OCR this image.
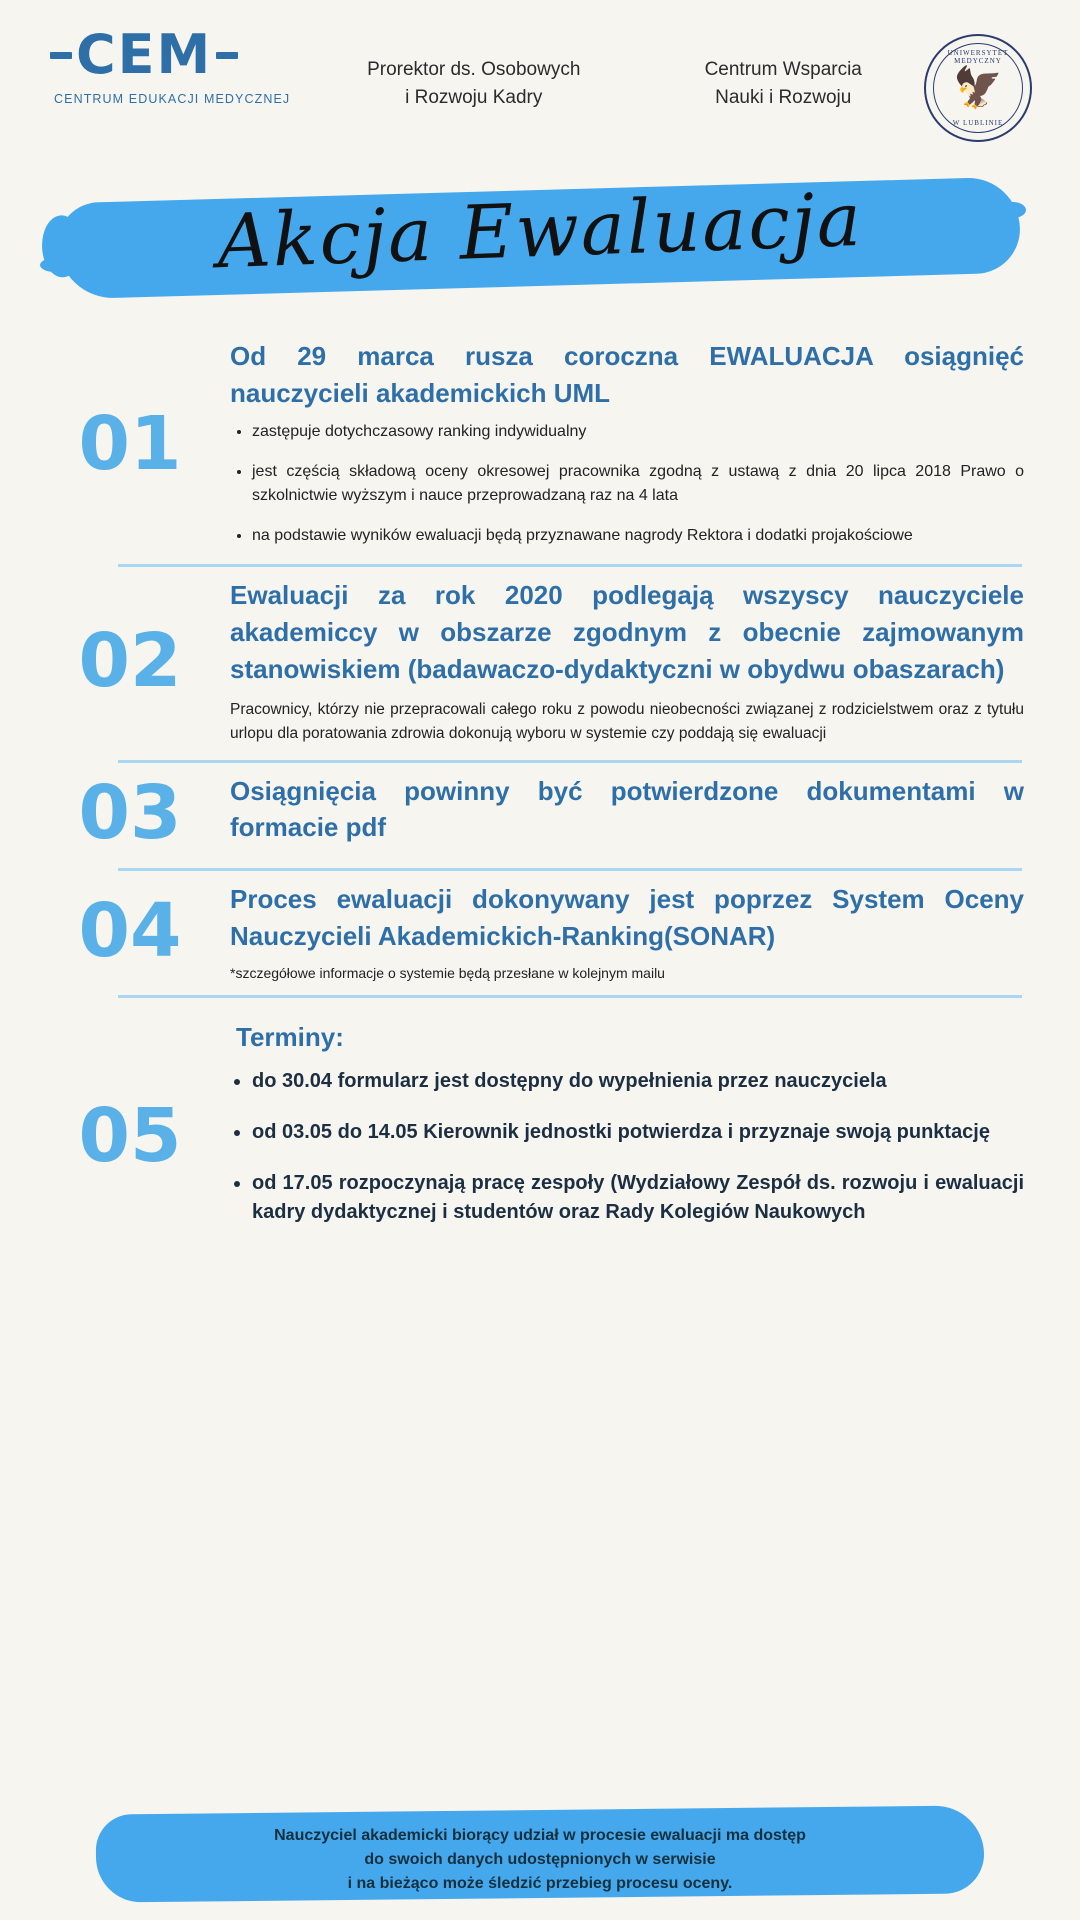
CEM
CENTRUM EDUKACJI MEDYCZNEJ
Prorektor ds. Osobowych
i Rozwoju Kadry
Centrum Wsparcia
Nauki i Rozwoju
UNIWERSYTET MEDYCZNY
🦅
W LUBLINIE
Akcja Ewaluacja
01
Od 29 marca rusza coroczna EWALUACJA osiągnięć nauczycieli akademickich UML
• zastępuje dotychczasowy ranking indywidualny
• jest częścią składową oceny okresowej pracownika zgodną z ustawą z dnia 20 lipca 2018 Prawo o szkolnictwie wyższym i nauce przeprowadzaną raz na 4 lata
• na podstawie wyników ewaluacji będą przyznawane nagrody Rektora i dodatki projakościowe
02
Ewaluacji za rok 2020 podlegają wszyscy nauczyciele akademiccy w obszarze zgodnym z obecnie zajmowanym stanowiskiem (badawaczo-dydaktyczni w obydwu obaszarach)

Pracownicy, którzy nie przepracowali całego roku z powodu nieobecności związanej z rodzicielstwem oraz z tytułu urlopu dla poratowania zdrowia dokonują wyboru w systemie czy poddają się ewaluacji

03	Osiągnięcia powinny być potwierdzone dokumentami w formacie pdf
04	Proces ewaluacji dokonywany jest poprzez System Oceny Nauczycieli Akademickich-Ranking(SONAR)

*szczegółowe informacje o systemie będą przesłane w kolejnym mailu

05
Terminy:
• do 30.04 formularz jest dostępny do wypełnienia przez nauczyciela
• od 03.05 do 14.05 Kierownik jednostki potwierdza i przyznaje swoją punktację
• od 17.05 rozpoczynają pracę zespoły (Wydziałowy Zespół ds. rozwoju i ewaluacji kadry dydaktycznej i studentów oraz Rady Kolegiów Naukowych
Nauczyciel akademicki biorący udział w procesie ewaluacji ma dostęp
do swoich danych udostępnionych w serwisie
i na bieżąco może śledzić przebieg procesu oceny.
